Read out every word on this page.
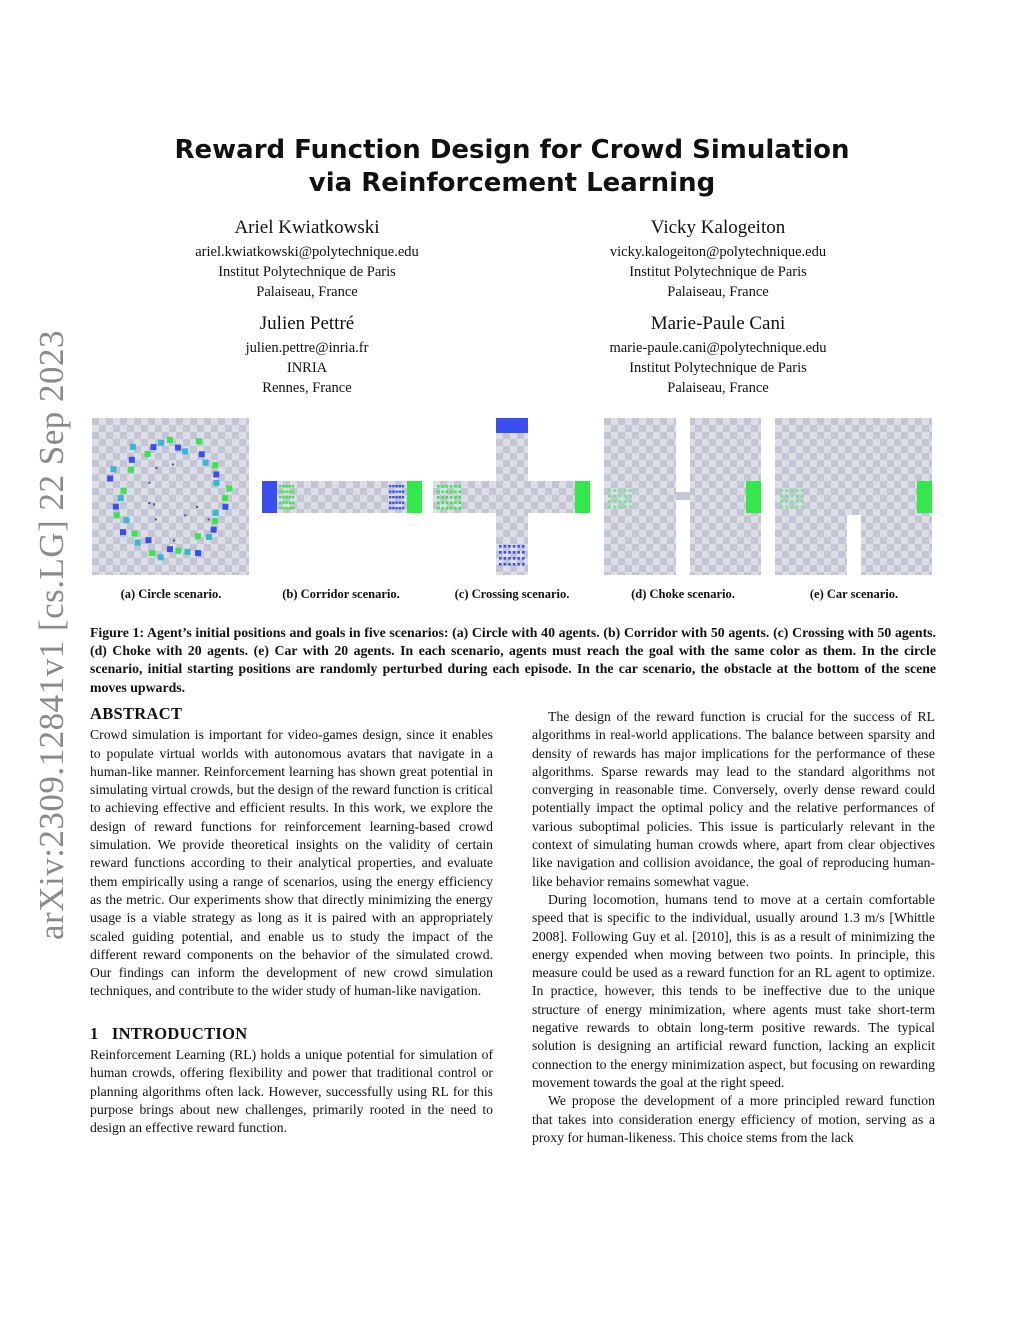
arXiv:2309.12841v1 [cs.LG] 22 Sep 2023
Reward Function Design for Crowd Simulation via Reinforcement Learning
Ariel Kwiatkowski
ariel.kwiatkowski@polytechnique.edu
Institut Polytechnique de Paris
Palaiseau, France
Vicky Kalogeiton
vicky.kalogeiton@polytechnique.edu
Institut Polytechnique de Paris
Palaiseau, France
Julien Pettré
julien.pettre@inria.fr
INRIA
Rennes, France
Marie-Paule Cani
marie-paule.cani@polytechnique.edu
Institut Polytechnique de Paris
Palaiseau, France
(a) Circle scenario.	(b) Corridor scenario.	(c) Crossing scenario.	(d) Choke scenario.	(e) Car scenario.
Figure 1: Agent’s initial positions and goals in five scenarios: (a) Circle with 40 agents. (b) Corridor with 50 agents. (c) Crossing with 50 agents. (d) Choke with 20 agents. (e) Car with 20 agents. In each scenario, agents must reach the goal with the same color as them. In the circle scenario, initial starting positions are randomly perturbed during each episode. In the car scenario, the obstacle at the bottom of the scene moves upwards.
ABSTRACT

Crowd simulation is important for video-games design, since it enables to populate virtual worlds with autonomous avatars that navigate in a human-like manner. Reinforcement learning has shown great potential in simulating virtual crowds, but the design of the reward function is critical to achieving effective and efficient results. In this work, we explore the design of reward functions for reinforcement learning-based crowd simulation. We provide theoretical insights on the validity of certain reward functions according to their analytical properties, and evaluate them empirically using a range of scenarios, using the energy efficiency as the metric. Our experiments show that directly minimizing the energy usage is a viable strategy as long as it is paired with an appropriately scaled guiding potential, and enable us to study the impact of the different reward components on the behavior of the simulated crowd. Our findings can inform the development of new crowd simulation techniques, and contribute to the wider study of human-like navigation.

1 INTRODUCTION

Reinforcement Learning (RL) holds a unique potential for simulation of human crowds, offering flexibility and power that traditional control or planning algorithms often lack. However, successfully using RL for this purpose brings about new challenges, primarily rooted in the need to design an effective reward function.

The design of the reward function is crucial for the success of RL algorithms in real-world applications. The balance between sparsity and density of rewards has major implications for the performance of these algorithms. Sparse rewards may lead to the standard algorithms not converging in reasonable time. Conversely, overly dense reward could potentially impact the optimal policy and the relative performances of various suboptimal policies. This issue is particularly relevant in the context of simulating human crowds where, apart from clear objectives like navigation and collision avoidance, the goal of reproducing human-like behavior remains somewhat vague.

During locomotion, humans tend to move at a certain comfortable speed that is specific to the individual, usually around 1.3 m/s [Whittle 2008]. Following Guy et al. [2010], this is as a result of minimizing the energy expended when moving between two points. In principle, this measure could be used as a reward function for an RL agent to optimize. In practice, however, this tends to be ineffective due to the unique structure of energy minimization, where agents must take short-term negative rewards to obtain long-term positive rewards. The typical solution is designing an artificial reward function, lacking an explicit connection to the energy minimization aspect, but focusing on rewarding movement towards the goal at the right speed.

We propose the development of a more principled reward function that takes into consideration energy efficiency of motion, serving as a proxy for human-likeness. This choice stems from the lack
